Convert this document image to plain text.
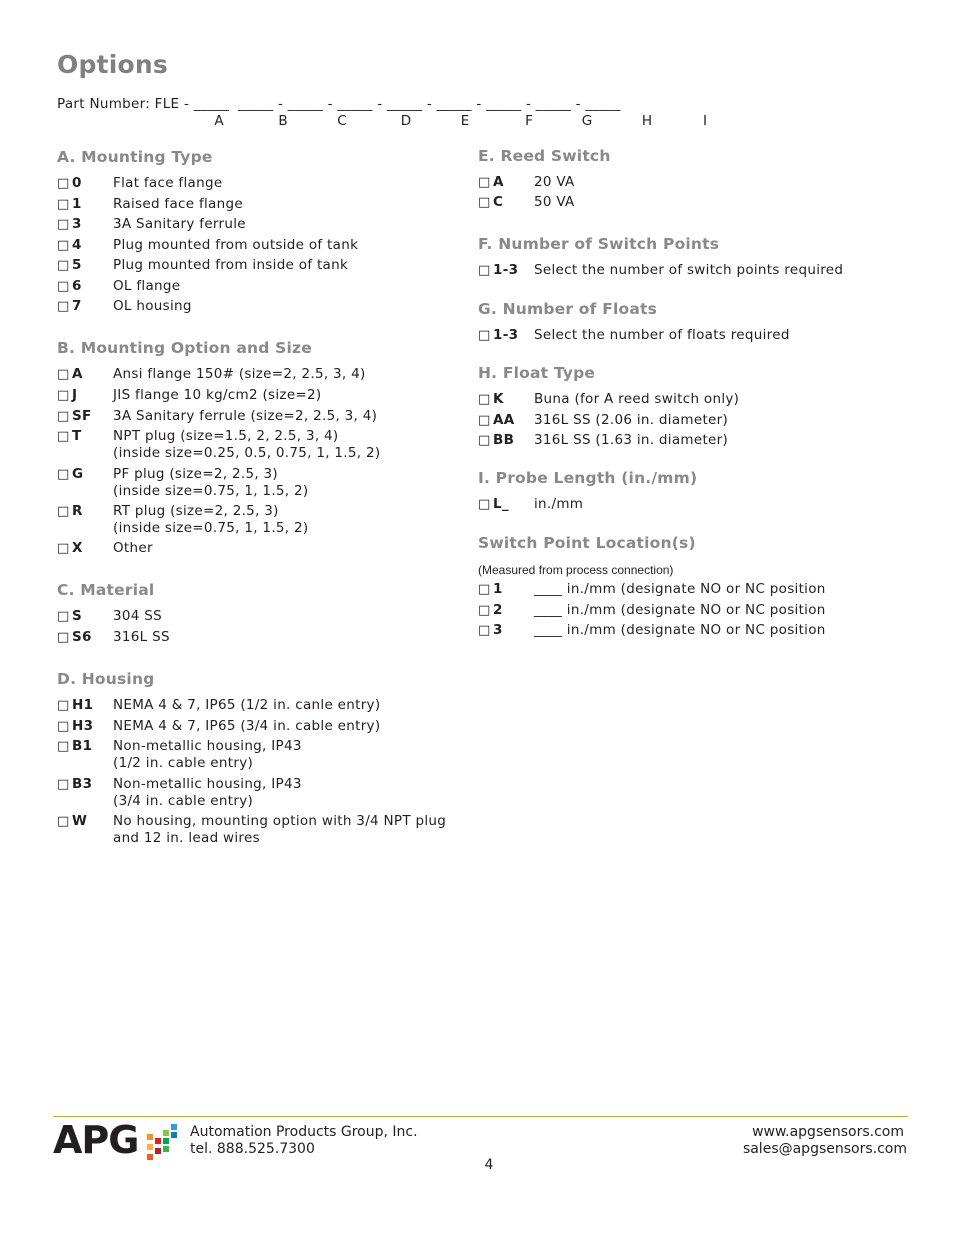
Options
Part Number: FLE - _____  _____ - _____ - _____ - _____ - _____ - _____ - _____ - _____
A	B	C	D	E	F	G	H	I
A. Mounting Type
□ 0 Flat face flange
□ 1 Raised face flange
□ 3 3A Sanitary ferrule
□ 4 Plug mounted from outside of tank
□ 5 Plug mounted from inside of tank
□ 6 OL flange
□ 7 OL housing
B. Mounting Option and Size
□ A Ansi flange 150# (size=2, 2.5, 3, 4)
□ J	JIS flange 10 kg/cm2 (size=2)
□ SF 3A Sanitary ferrule (size=2, 2.5, 3, 4)
□ T NPT plug (size=1.5, 2, 2.5, 3, 4)
(inside size=0.25, 0.5, 0.75, 1, 1.5, 2)
□ G PF plug (size=2, 2.5, 3)
(inside size=0.75, 1, 1.5, 2)
□ R RT plug (size=2, 2.5, 3)
(inside size=0.75, 1, 1.5, 2)
□ X Other
C. Material
□ S 304 SS
□ S6 316L SS
D. Housing
□ H1 NEMA 4 & 7, IP65 (1/2 in. canle entry)
□ H3 NEMA 4 & 7, IP65 (3/4 in. cable entry)
□ B1 Non-metallic housing, IP43
(1/2 in. cable entry)
□ B3 Non-metallic housing, IP43
(3/4 in. cable entry)
□ W No housing, mounting option with 3/4 NPT plug
and 12 in. lead wires
E. Reed Switch
□ A 20 VA
□ C 50 VA
F. Number of Switch Points
□ 1-3 Select the number of switch points required
G. Number of Floats
□ 1-3 Select the number of floats required
H. Float Type
□ K Buna (for A reed switch only)
□ AA 316L SS (2.06 in. diameter)
□ BB 316L SS (1.63 in. diameter)
I. Probe Length (in./mm)
□ L_ in./mm
Switch Point Location(s)
(Measured from process connection)
□ 1 ____ in./mm (designate NO or NC position
□ 2 ____ in./mm (designate NO or NC position
□ 3 ____ in./mm (designate NO or NC position
APG	Automation Products Group, Inc.
tel. 888.525.7300
www.apgsensors.com
sales@apgsensors.com
4
